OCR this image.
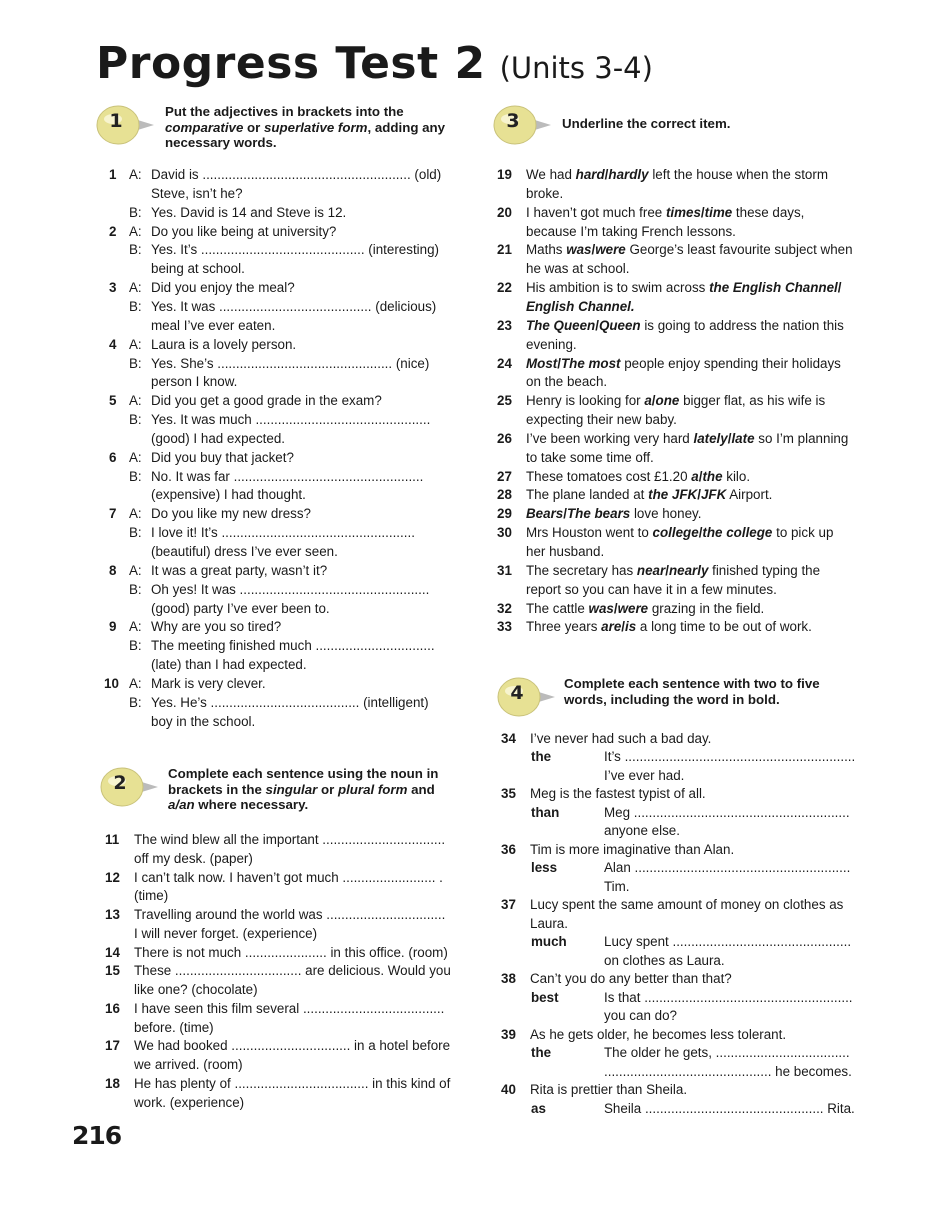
Progress Test 2 (Units 3-4)
1	Put the adjectives in brackets into the
comparative or superlative form, adding any
necessary words.
1 A: David is ........................................................ (old)
Steve, isn’t he?
B: Yes. David is 14 and Steve is 12.
2 A: Do you like being at university?
B: Yes. It’s ............................................ (interesting)
being at school.
3 A: Did you enjoy the meal?
B: Yes. It was ......................................... (delicious)
meal I’ve ever eaten.
4 A: Laura is a lovely person.
B: Yes. She’s ............................................... (nice)
person I know.
5 A: Did you get a good grade in the exam?
B: Yes. It was much ...............................................
(good) I had expected.
6 A: Did you buy that jacket?
B: No. It was far ...................................................
(expensive) I had thought.
7 A: Do you like my new dress?
B: I love it! It’s ....................................................
(beautiful) dress I’ve ever seen.
8 A: It was a great party, wasn’t it?
B: Oh yes! It was ...................................................
(good) party I’ve ever been to.
9 A: Why are you so tired?
B: The meeting finished much ................................
(late) than I had expected.
10 A: Mark is very clever.
B: Yes. He’s ........................................ (intelligent)
boy in the school.
2	Complete each sentence using the noun in
brackets in the singular or plural form and
a/an where necessary.
11 The wind blew all the important .................................
off my desk. (paper)
12 I can’t talk now. I haven’t got much ......................... .
(time)
13 Travelling around the world was ................................
I will never forget. (experience)
14 There is not much ...................... in this office. (room)
15 These .................................. are delicious. Would you
like one? (chocolate)
16 I have seen this film several ......................................
before. (time)
17 We had booked ................................ in a hotel before
we arrived. (room)
18 He has plenty of .................................... in this kind of
work. (experience)
3	Underline the correct item.
19 We had hard/hardly left the house when the storm
broke.
20 I haven’t got much free times/time these days,
because I’m taking French lessons.
21 Maths was/were George’s least favourite subject when
he was at school.
22 His ambition is to swim across the English Channel/
English Channel.
23 The Queen/Queen is going to address the nation this
evening.
24 Most/The most people enjoy spending their holidays
on the beach.
25 Henry is looking for a/one bigger flat, as his wife is
expecting their new baby.
26 I’ve been working very hard lately/late so I’m planning
to take some time off.
27 These tomatoes cost £1.20 a/the kilo.
28 The plane landed at the JFK/JFK Airport.
29 Bears/The bears love honey.
30 Mrs Houston went to college/the college to pick up
her husband.
31 The secretary has near/nearly finished typing the
report so you can have it in a few minutes.
32 The cattle was/were grazing in the field.
33 Three years are/is a long time to be out of work.
4	Complete each sentence with two to five
words, including the word in bold.
34 I’ve never had such a bad day.
the	It’s ..............................................................
I’ve ever had.
35 Meg is the fastest typist of all.
than	Meg ..........................................................
anyone else.
36 Tim is more imaginative than Alan.
less	Alan ..........................................................
Tim.
37 Lucy spent the same amount of money on clothes as
Laura.
much	Lucy spent ................................................
on clothes as Laura.
38 Can’t you do any better than that?
best	Is that ........................................................
you can do?
39 As he gets older, he becomes less tolerant.
the	The older he gets, ....................................
............................................. he becomes.
40 Rita is prettier than Sheila.
as	Sheila ................................................ Rita.
216
